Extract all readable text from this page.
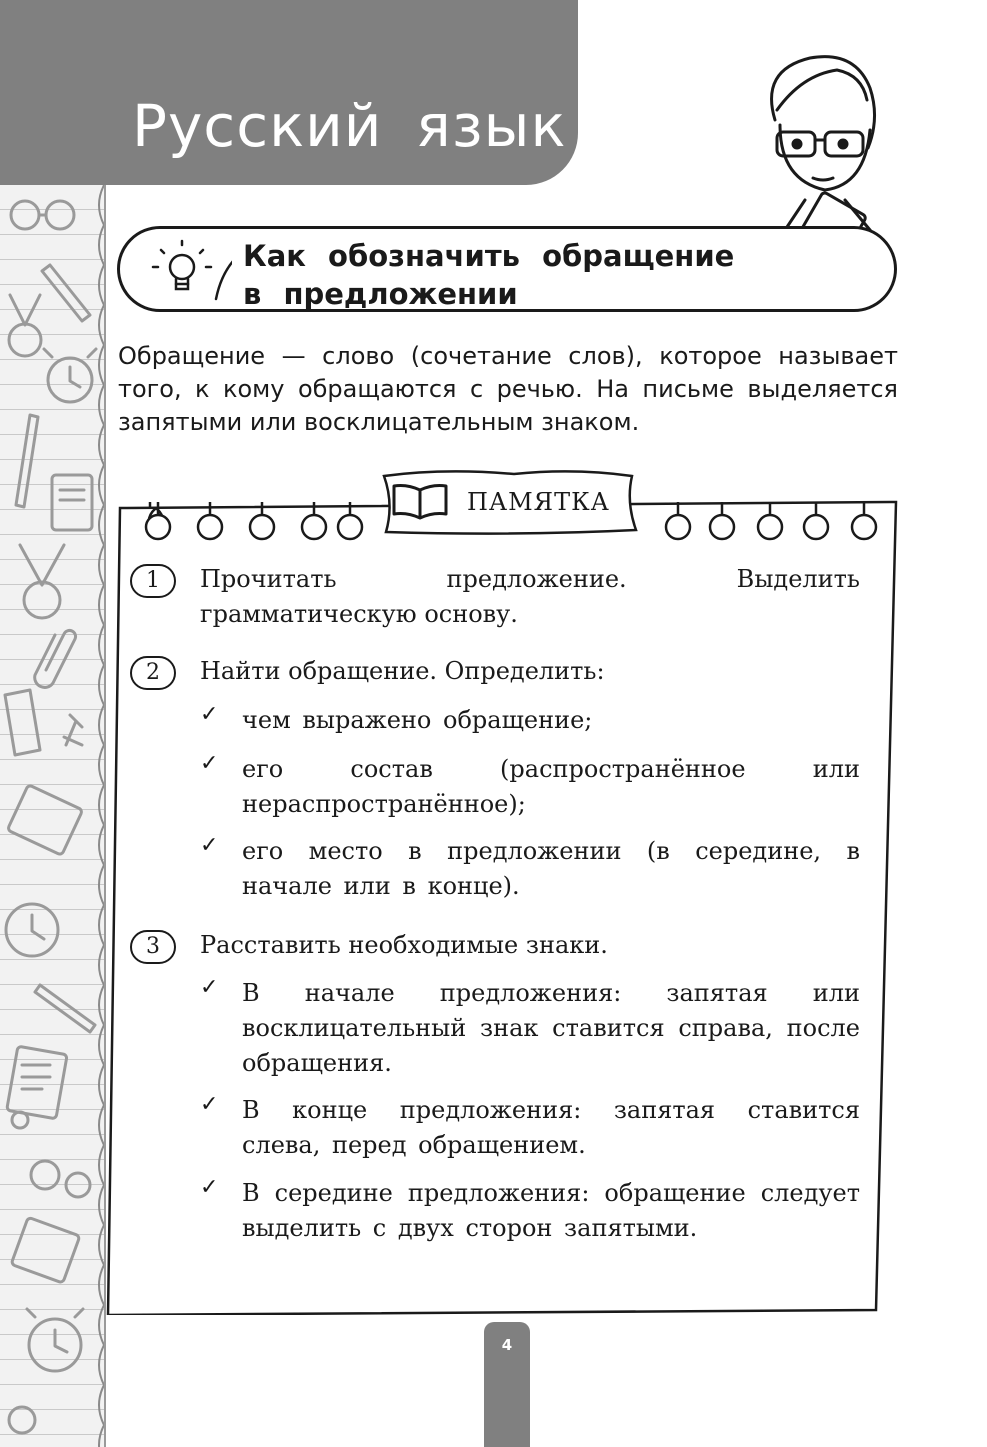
Русский язык
Как обозначить обращение
в предложении
Обращение — слово (сочетание слов), которое называет того, к кому обращаются с речью. На письме выделяется запятыми или восклицательным знаком.
ПАМЯТКА
1	Прочитать предложение. Выделить грамматическую основу.
2	Найти обращение. Определить:
✓ чем выражено обращение;
✓ его состав (распространённое или нераспространённое);
✓ его место в предложении (в середине, в начале или в конце).
3	Расставить необходимые знаки.
✓ В начале предложения: запятая или восклицательный знак ставится справа, после обращения.
✓ В конце предложения: запятая ставится слева, перед обращением.
✓ В середине предложения: обращение следует выделить с двух сторон запятыми.
4
